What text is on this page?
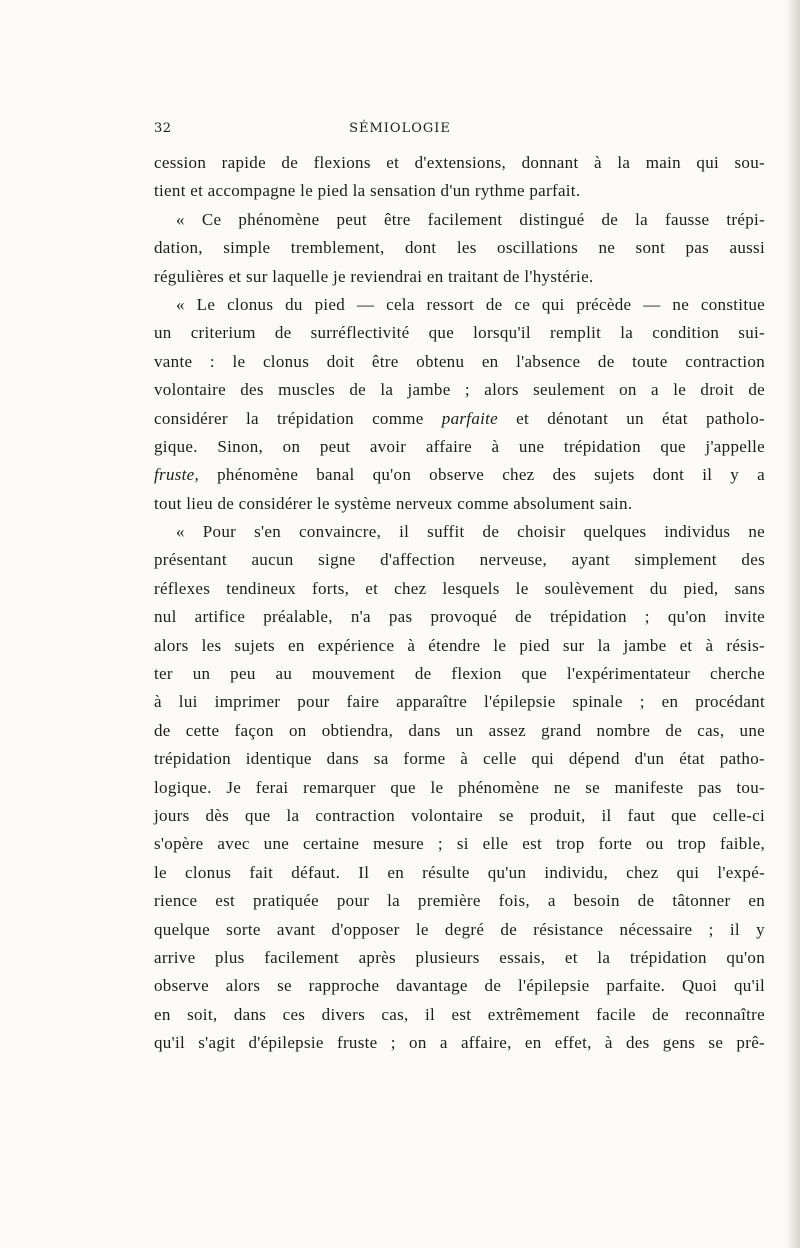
32	SÉMIOLOGIE
cession rapide de flexions et d'extensions, donnant à la main qui sou-
tient et accompagne le pied la sensation d'un rythme parfait.
« Ce phénomène peut être facilement distingué de la fausse trépi-
dation, simple tremblement, dont les oscillations ne sont pas aussi
régulières et sur laquelle je reviendrai en traitant de l'hystérie.
« Le clonus du pied — cela ressort de ce qui précède — ne constitue
un criterium de surréflectivité que lorsqu'il remplit la condition sui-
vante : le clonus doit être obtenu en l'absence de toute contraction
volontaire des muscles de la jambe ; alors seulement on a le droit de
considérer la trépidation comme parfaite et dénotant un état patholo-
gique. Sinon, on peut avoir affaire à une trépidation que j'appelle
fruste, phénomène banal qu'on observe chez des sujets dont il y a
tout lieu de considérer le système nerveux comme absolument sain.
« Pour s'en convaincre, il suffit de choisir quelques individus ne
présentant aucun signe d'affection nerveuse, ayant simplement des
réflexes tendineux forts, et chez lesquels le soulèvement du pied, sans
nul artifice préalable, n'a pas provoqué de trépidation ; qu'on invite
alors les sujets en expérience à étendre le pied sur la jambe et à résis-
ter un peu au mouvement de flexion que l'expérimentateur cherche
à lui imprimer pour faire apparaître l'épilepsie spinale ; en procédant
de cette façon on obtiendra, dans un assez grand nombre de cas, une
trépidation identique dans sa forme à celle qui dépend d'un état patho-
logique. Je ferai remarquer que le phénomène ne se manifeste pas tou-
jours dès que la contraction volontaire se produit, il faut que celle-ci
s'opère avec une certaine mesure ; si elle est trop forte ou trop faible,
le clonus fait défaut. Il en résulte qu'un individu, chez qui l'expé-
rience est pratiquée pour la première fois, a besoin de tâtonner en
quelque sorte avant d'opposer le degré de résistance nécessaire ; il y
arrive plus facilement après plusieurs essais, et la trépidation qu'on
observe alors se rapproche davantage de l'épilepsie parfaite. Quoi qu'il
en soit, dans ces divers cas, il est extrêmement facile de reconnaître
qu'il s'agit d'épilepsie fruste ; on a affaire, en effet, à des gens se prê-
